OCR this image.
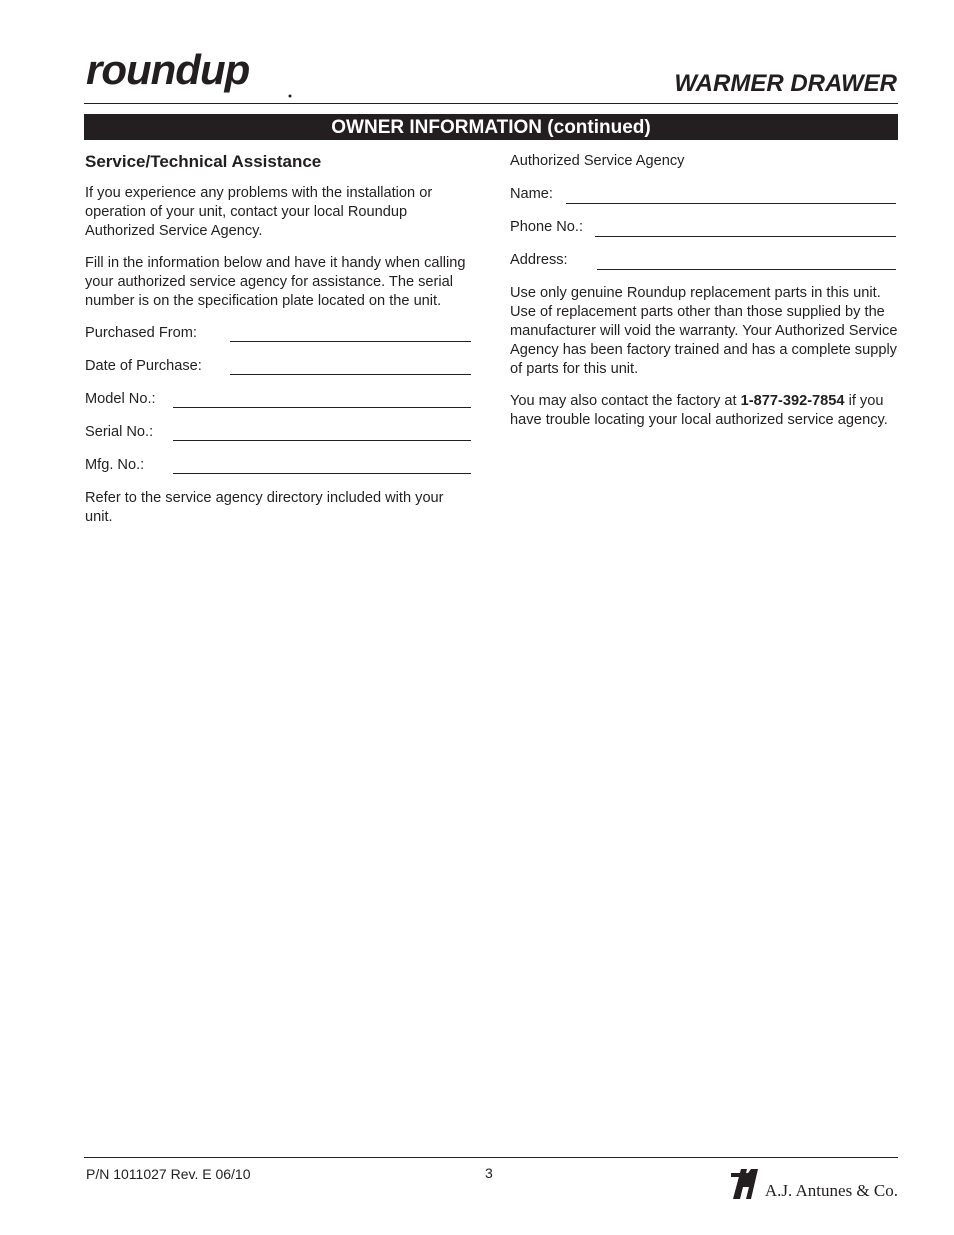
roundup	WARMER DRAWER
OWNER INFORMATION (continued)
Service/Technical Assistance

If you experience any problems with the installation or operation of your unit, contact your local Roundup Authorized Service Agency.

Fill in the information below and have it handy when calling your authorized service agency for assistance. The serial number is on the specification plate located on the unit.

Purchased From:
Date of Purchase:
Model No.:
Serial No.:
Mfg. No.:

Refer to the service agency directory included with your unit.

Authorized Service Agency
Name:
Phone No.:
Address:

Use only genuine Roundup replacement parts in this unit. Use of replacement parts other than those supplied by the manufacturer will void the warranty. Your Authorized Service Agency has been factory trained and has a complete supply of parts for this unit.

You may also contact the factory at 1-877-392-7854 if you have trouble locating your local authorized service agency.

P/N 1011027 Rev. E 06/10	3
A.J. Antunes & Co.
